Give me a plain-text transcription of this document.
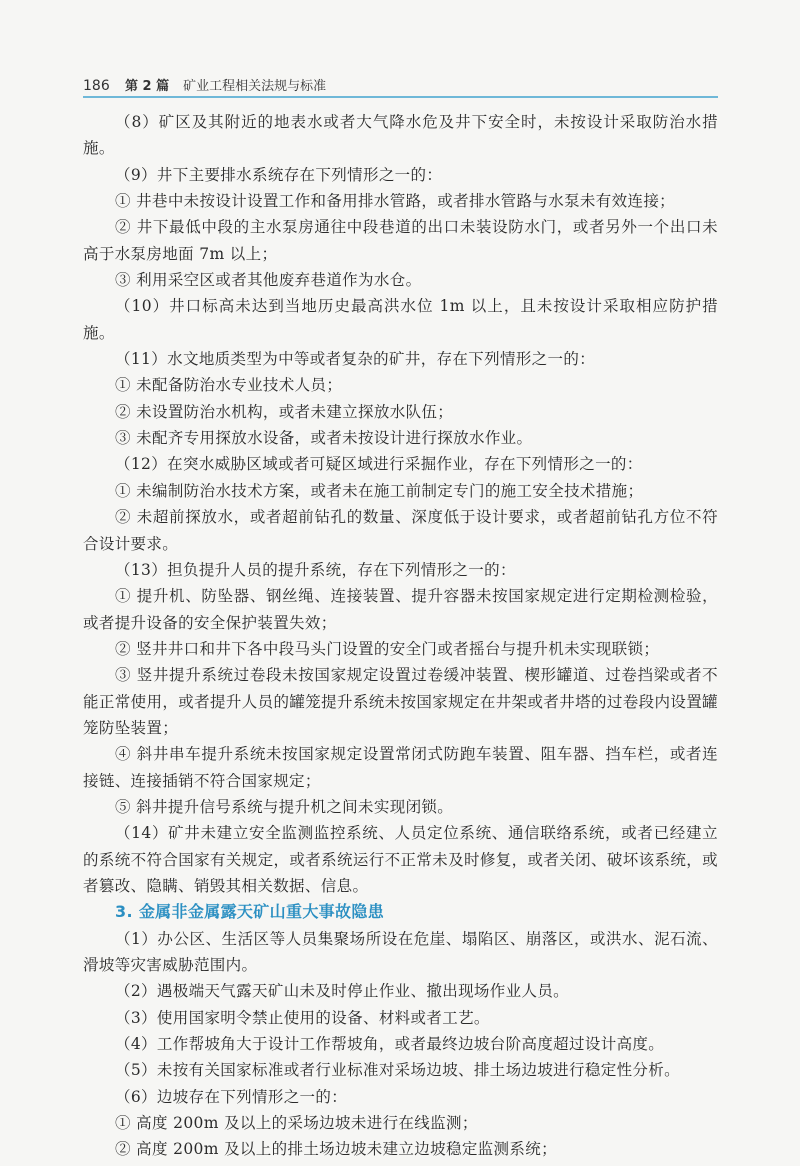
186	第 2 篇 矿业工程相关法规与标准

（8）矿区及其附近的地表水或者大气降水危及井下安全时，未按设计采取防治水措施。

（9）井下主要排水系统存在下列情形之一的：

① 井巷中未按设计设置工作和备用排水管路，或者排水管路与水泵未有效连接；

② 井下最低中段的主水泵房通往中段巷道的出口未装设防水门，或者另外一个出口未高于水泵房地面 7m 以上；

③ 利用采空区或者其他废弃巷道作为水仓。

（10）井口标高未达到当地历史最高洪水位 1m 以上，且未按设计采取相应防护措施。

（11）水文地质类型为中等或者复杂的矿井，存在下列情形之一的：

① 未配备防治水专业技术人员；

② 未设置防治水机构，或者未建立探放水队伍；

③ 未配齐专用探放水设备，或者未按设计进行探放水作业。

（12）在突水威胁区域或者可疑区域进行采掘作业，存在下列情形之一的：

① 未编制防治水技术方案，或者未在施工前制定专门的施工安全技术措施；

② 未超前探放水，或者超前钻孔的数量、深度低于设计要求，或者超前钻孔方位不符合设计要求。

（13）担负提升人员的提升系统，存在下列情形之一的：

① 提升机、防坠器、钢丝绳、连接装置、提升容器未按国家规定进行定期检测检验，或者提升设备的安全保护装置失效；

② 竖井井口和井下各中段马头门设置的安全门或者摇台与提升机未实现联锁；

③ 竖井提升系统过卷段未按国家规定设置过卷缓冲装置、楔形罐道、过卷挡梁或者不能正常使用，或者提升人员的罐笼提升系统未按国家规定在井架或者井塔的过卷段内设置罐笼防坠装置；

④ 斜井串车提升系统未按国家规定设置常闭式防跑车装置、阻车器、挡车栏，或者连接链、连接插销不符合国家规定；

⑤ 斜井提升信号系统与提升机之间未实现闭锁。

（14）矿井未建立安全监测监控系统、人员定位系统、通信联络系统，或者已经建立的系统不符合国家有关规定，或者系统运行不正常未及时修复，或者关闭、破坏该系统，或者篡改、隐瞒、销毁其相关数据、信息。

3. 金属非金属露天矿山重大事故隐患

（1）办公区、生活区等人员集聚场所设在危崖、塌陷区、崩落区，或洪水、泥石流、滑坡等灾害威胁范围内。

（2）遇极端天气露天矿山未及时停止作业、撤出现场作业人员。

（3）使用国家明令禁止使用的设备、材料或者工艺。

（4）工作帮坡角大于设计工作帮坡角，或者最终边坡台阶高度超过设计高度。

（5）未按有关国家标准或者行业标准对采场边坡、排土场边坡进行稳定性分析。

（6）边坡存在下列情形之一的：

① 高度 200m 及以上的采场边坡未进行在线监测；

② 高度 200m 及以上的排土场边坡未建立边坡稳定监测系统；
